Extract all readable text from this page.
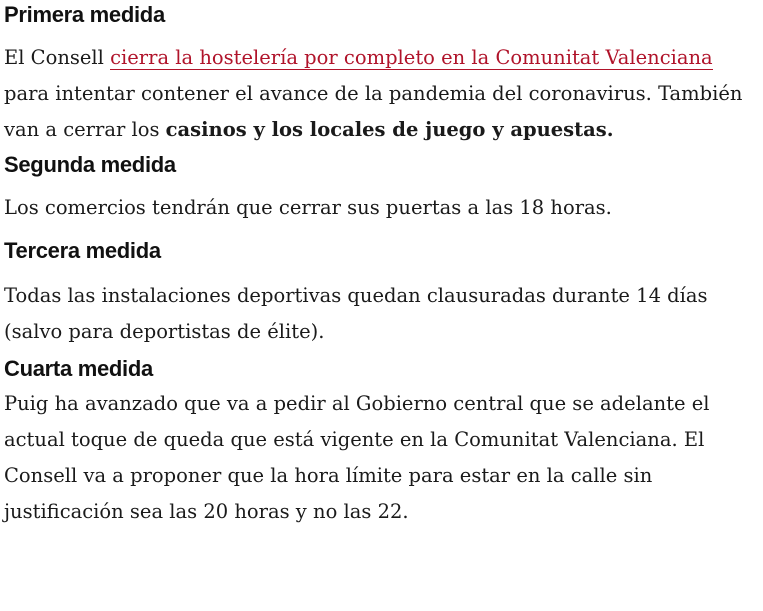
Primera medida

El Consell cierra la hostelería por completo en la Comunitat Valenciana para intentar contener el avance de la pandemia del coronavirus. También van a cerrar los casinos y los locales de juego y apuestas.

Segunda medida

Los comercios tendrán que cerrar sus puertas a las 18 horas.

Tercera medida

Todas las instalaciones deportivas quedan clausuradas durante 14 días (salvo para deportistas de élite).

Cuarta medida

Puig ha avanzado que va a pedir al Gobierno central que se adelante el actual toque de queda que está vigente en la Comunitat Valenciana. El Consell va a proponer que la hora límite para estar en la calle sin justificación sea las 20 horas y no las 22.
